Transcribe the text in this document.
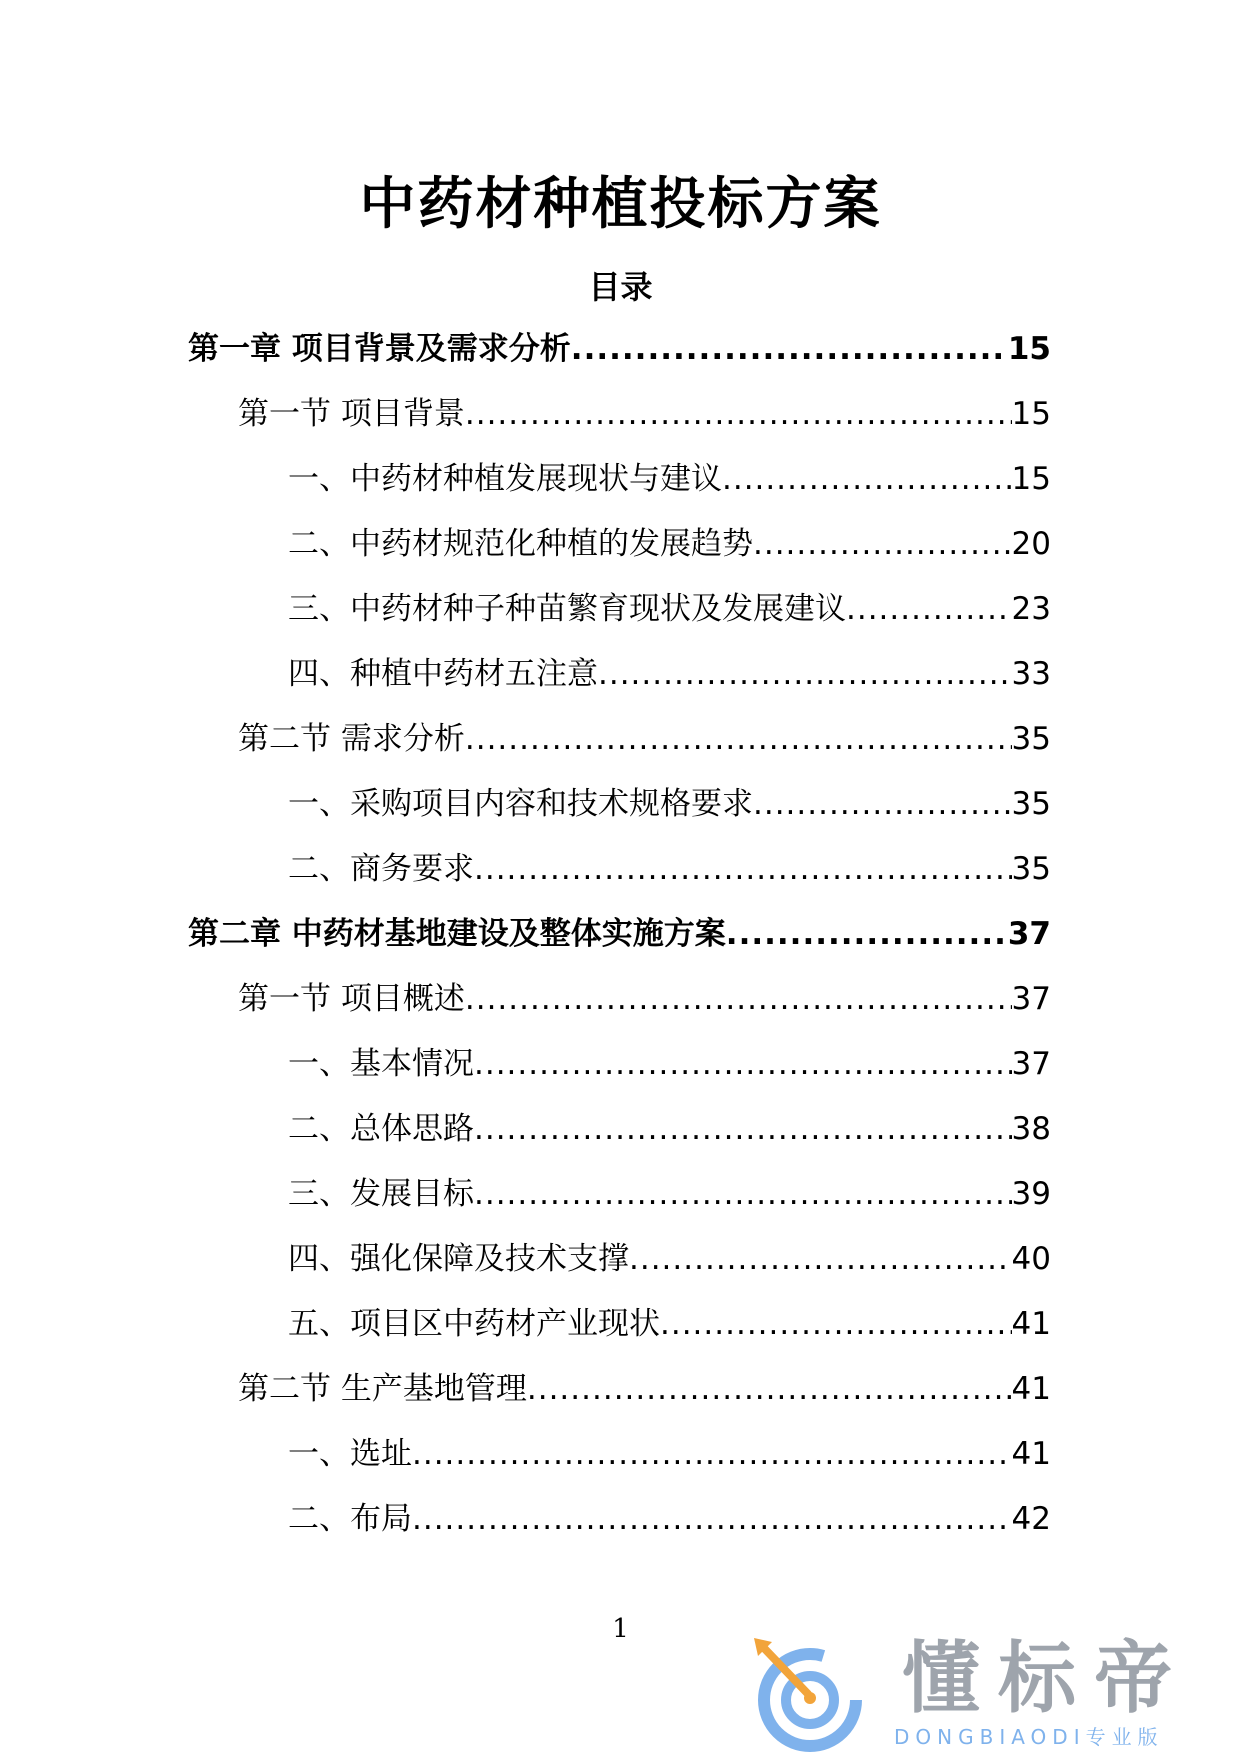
中药材种植投标方案
目录
第一章 项目背景及需求分析 .....	15
第一节 项目背景 .....	15
一、中药材种植发展现状与建议 .....	15
二、中药材规范化种植的发展趋势 .....	20
三、中药材种子种苗繁育现状及发展建议 .....	23
四、种植中药材五注意 .....	33
第二节 需求分析 .....	35
一、采购项目内容和技术规格要求 .....	35
二、商务要求 .....	35
第二章 中药材基地建设及整体实施方案 .....	37
第一节 项目概述 .....	37
一、基本情况 .....	37
二、总体思路 .....	38
三、发展目标 .....	39
四、强化保障及技术支撑 .....	40
五、项目区中药材产业现状 .....	41
第二节 生产基地管理 .....	41
一、选址 .....	41
二、布局 .....	42
1
懂标帝
DONGBIAODI专业版
